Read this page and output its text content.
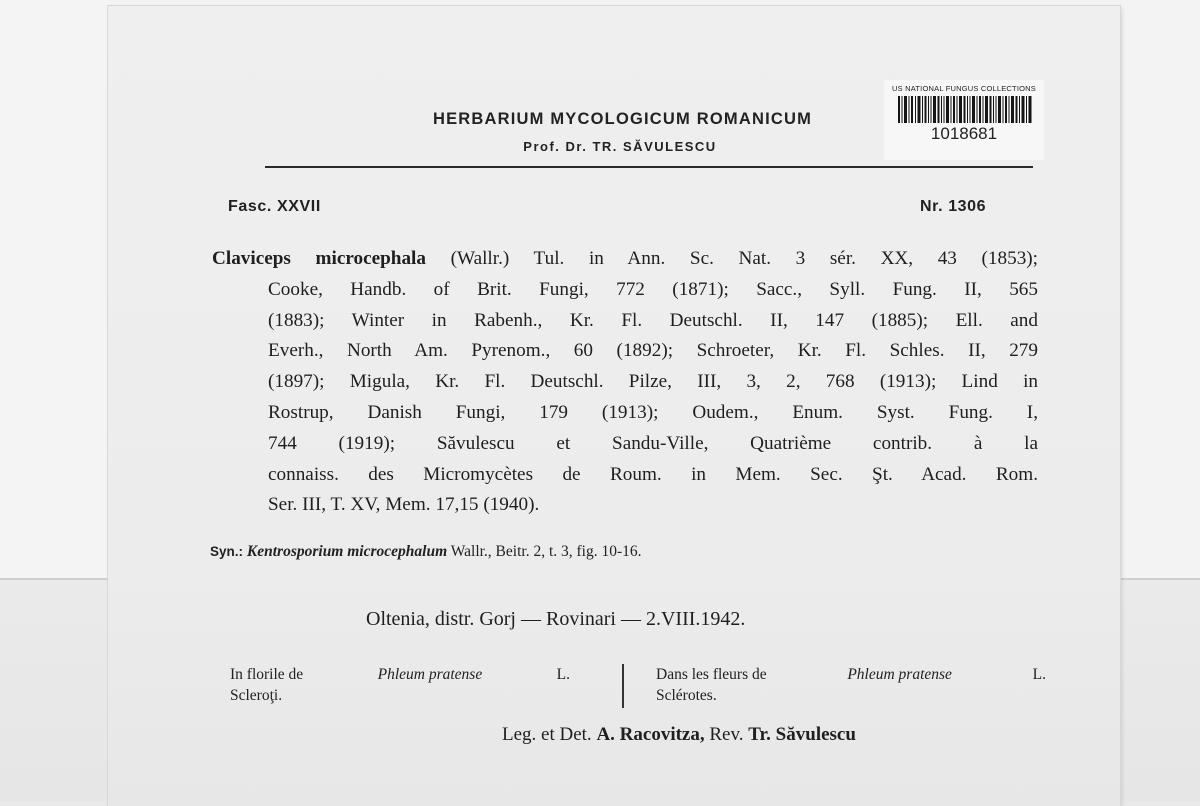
HERBARIUM MYCOLOGICUM ROMANICUM
Prof. Dr. TR. SĂVULESCU
US NATIONAL FUNGUS COLLECTIONS
1018681
Fasc. XXVII	Nr. 1306
Claviceps microcephala (Wallr.) Tul. in Ann. Sc. Nat. 3 sér. XX, 43 (1853);
Cooke, Handb. of Brit. Fungi, 772 (1871); Sacc., Syll. Fung. II, 565
(1883); Winter in Rabenh., Kr. Fl. Deutschl. II, 147 (1885); Ell. and
Everh., North Am. Pyrenom., 60 (1892); Schroeter, Kr. Fl. Schles. II, 279
(1897); Migula, Kr. Fl. Deutschl. Pilze, III, 3, 2, 768 (1913); Lind in
Rostrup, Danish Fungi, 179 (1913); Oudem., Enum. Syst. Fung. I,
744 (1919); Săvulescu et Sandu-Ville, Quatrième contrib. à la
connaiss. des Micromycètes de Roum. in Mem. Sec. Şt. Acad. Rom.
Ser. III, T. XV, Mem. 17,15 (1940).
Syn.: Kentrosporium microcephalum Wallr., Beitr. 2, t. 3, fig. 10-16.
Oltenia, distr. Gorj — Rovinari — 2.VIII.1942.
In florile de	Phleum pratense	L.
Scleroţi.
Dans les fleurs de	Phleum pratense	L.
Sclérotes.
Leg. et Det. A. Racovitza, Rev. Tr. Săvulescu
